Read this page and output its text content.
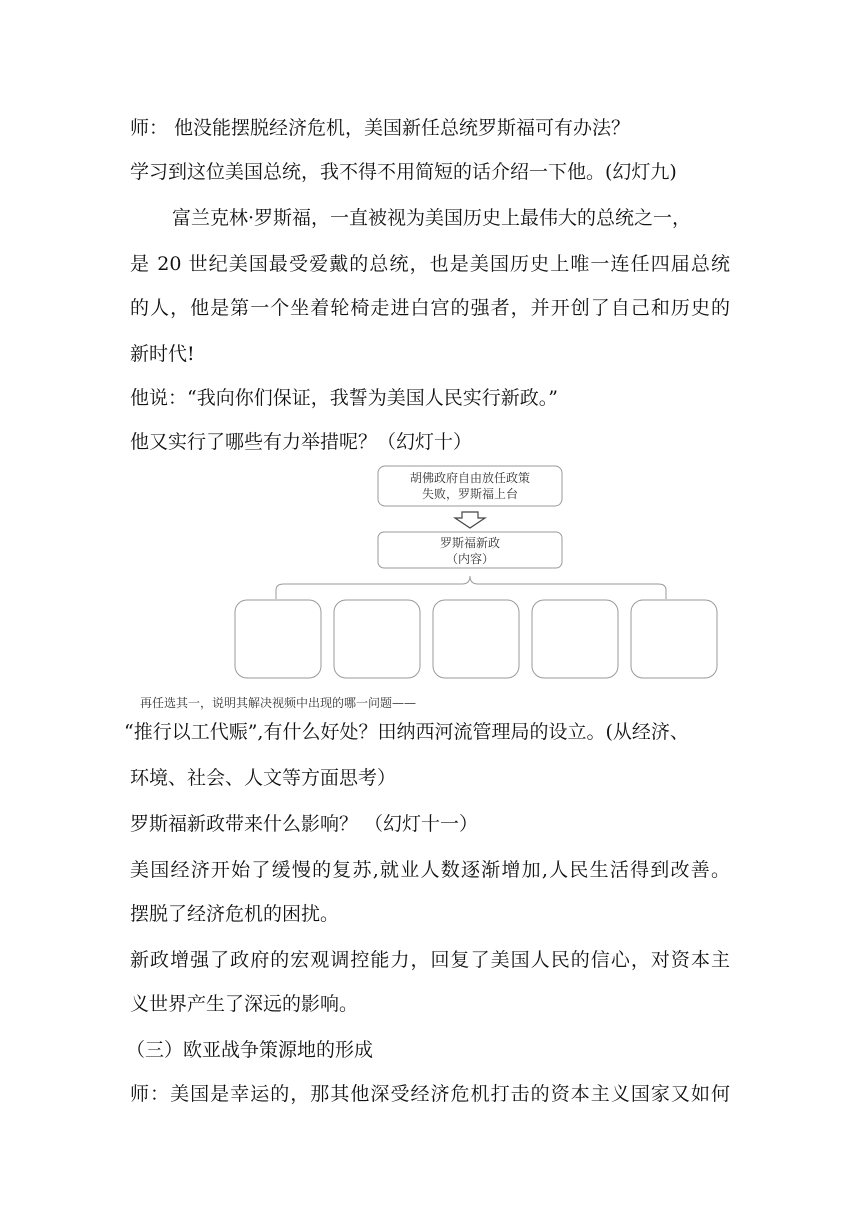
师： 他没能摆脱经济危机，美国新任总统罗斯福可有办法？
学习到这位美国总统，我不得不用简短的话介绍一下他。(幻灯九)
富兰克林·罗斯福，一直被视为美国历史上最伟大的总统之一，
是 20 世纪美国最受爱戴的总统，也是美国历史上唯一连任四届总统
的人，他是第一个坐着轮椅走进白宫的强者，并开创了自己和历史的
新时代!
他说：“我向你们保证，我誓为美国人民实行新政。”
他又实行了哪些有力举措呢？（幻灯十）
胡佛政府自由放任政策
失败，罗斯福上台
罗斯福新政
（内容）
再任选其一，说明其解决视频中出现的哪一问题——
“推行以工代赈”,有什么好处？田纳西河流管理局的设立。(从经济、
环境、社会、人文等方面思考）
罗斯福新政带来什么影响？ （幻灯十一）
美国经济开始了缓慢的复苏,就业人数逐渐增加,人民生活得到改善。
摆脱了经济危机的困扰。
新政增强了政府的宏观调控能力，回复了美国人民的信心，对资本主
义世界产生了深远的影响。
（三）欧亚战争策源地的形成
师：美国是幸运的，那其他深受经济危机打击的资本主义国家又如何
